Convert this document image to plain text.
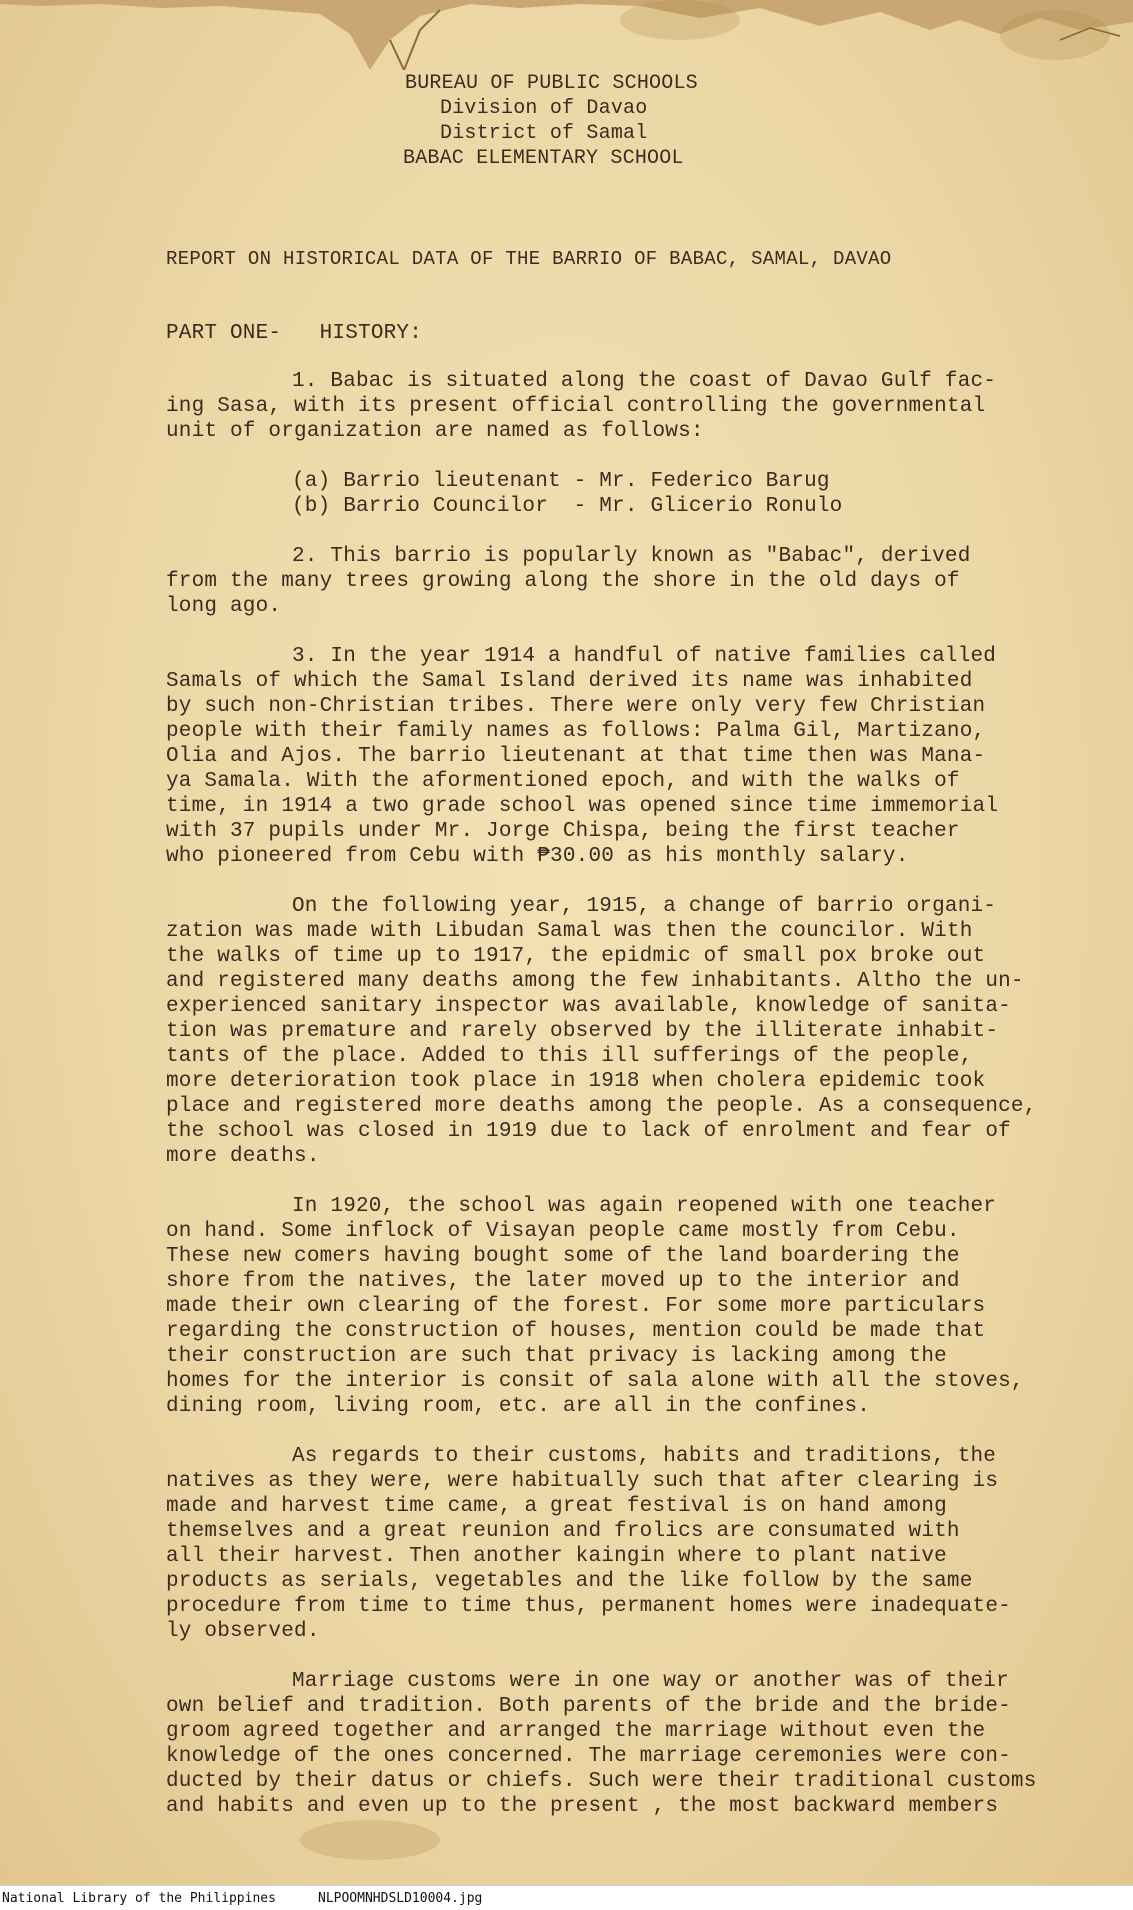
BUREAU OF PUBLIC SCHOOLS
Division of Davao
District of Samal
BABAC ELEMENTARY SCHOOL
REPORT ON HISTORICAL DATA OF THE BARRIO OF BABAC, SAMAL, DAVAO
PART ONE-   HISTORY:
1. Babac is situated along the coast of Davao Gulf fac-
ing Sasa, with its present official controlling the governmental
unit of organization are named as follows:
(a) Barrio lieutenant - Mr. Federico Barug
(b) Barrio Councilor  - Mr. Glicerio Ronulo
2. This barrio is popularly known as "Babac", derived
from the many trees growing along the shore in the old days of
long ago.
3. In the year 1914 a handful of native families called
Samals of which the Samal Island derived its name was inhabited
by such non-Christian tribes. There were only very few Christian
people with their family names as follows: Palma Gil, Martizano,
Olia and Ajos. The barrio lieutenant at that time then was Mana-
ya Samala. With the aformentioned epoch, and with the walks of
time, in 1914 a two grade school was opened since time immemorial
with 37 pupils under Mr. Jorge Chispa, being the first teacher
who pioneered from Cebu with ₱30.00 as his monthly salary.
On the following year, 1915, a change of barrio organi-
zation was made with Libudan Samal was then the councilor. With
the walks of time up to 1917, the epidmic of small pox broke out
and registered many deaths among the few inhabitants. Altho the un-
experienced sanitary inspector was available, knowledge of sanita-
tion was premature and rarely observed by the illiterate inhabit-
tants of the place. Added to this ill sufferings of the people,
more deterioration took place in 1918 when cholera epidemic took
place and registered more deaths among the people. As a consequence,
the school was closed in 1919 due to lack of enrolment and fear of
more deaths.
In 1920, the school was again reopened with one teacher
on hand. Some inflock of Visayan people came mostly from Cebu.
These new comers having bought some of the land boardering the
shore from the natives, the later moved up to the interior and
made their own clearing of the forest. For some more particulars
regarding the construction of houses, mention could be made that
their construction are such that privacy is lacking among the
homes for the interior is consit of sala alone with all the stoves,
dining room, living room, etc. are all in the confines.
As regards to their customs, habits and traditions, the
natives as they were, were habitually such that after clearing is
made and harvest time came, a great festival is on hand among
themselves and a great reunion and frolics are consumated with
all their harvest. Then another kaingin where to plant native
products as serials, vegetables and the like follow by the same
procedure from time to time thus, permanent homes were inadequate-
ly observed.
Marriage customs were in one way or another was of their
own belief and tradition. Both parents of the bride and the bride-
groom agreed together and arranged the marriage without even the
knowledge of the ones concerned. The marriage ceremonies were con-
ducted by their datus or chiefs. Such were their traditional customs
and habits and even up to the present , the most backward members
National Library of the Philippines	NLPOOMNHDSLD10004.jpg
